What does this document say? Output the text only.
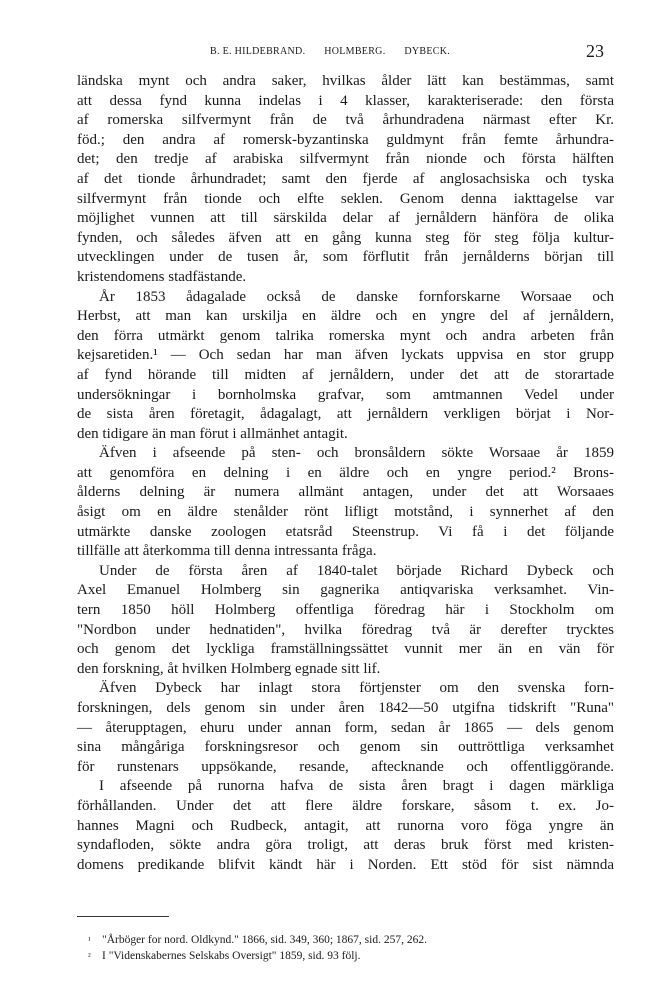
B. E. HILDEBRAND. HOLMBERG. DYBECK.	23
ländska mynt och andra saker, hvilkas ålder lätt kan bestämmas, samt
att dessa fynd kunna indelas i 4 klasser, karakteriserade: den första
af romerska silfvermynt från de två århundradena närmast efter Kr.
föd.; den andra af romersk-byzantinska guldmynt från femte århundra-
det; den tredje af arabiska silfvermynt från nionde och första hälften
af det tionde århundradet; samt den fjerde af anglosachsiska och tyska
silfvermynt från tionde och elfte seklen. Genom denna iakttagelse var
möjlighet vunnen att till särskilda delar af jernåldern hänföra de olika
fynden, och således äfven att en gång kunna steg för steg följa kultur-
utvecklingen under de tusen år, som förflutit från jernålderns början till
kristendomens stadfästande.
År 1853 ådagalade också de danske fornforskarne Worsaae och
Herbst, att man kan urskilja en äldre och en yngre del af jernåldern,
den förra utmärkt genom talrika romerska mynt och andra arbeten från
kejsaretiden.¹ — Och sedan har man äfven lyckats uppvisa en stor grupp
af fynd hörande till midten af jernåldern, under det att de storartade
undersökningar i bornholmska grafvar, som amtmannen Vedel under
de sista åren företagit, ådagalagt, att jernåldern verkligen börjat i Nor-
den tidigare än man förut i allmänhet antagit.
Äfven i afseende på sten- och bronsåldern sökte Worsaae år 1859
att genomföra en delning i en äldre och en yngre period.² Brons-
ålderns delning är numera allmänt antagen, under det att Worsaaes
åsigt om en äldre stenålder rönt lifligt motstånd, i synnerhet af den
utmärkte danske zoologen etatsråd Steenstrup. Vi få i det följande
tillfälle att återkomma till denna intressanta fråga.
Under de första åren af 1840-talet började Richard Dybeck och
Axel Emanuel Holmberg sin gagnerika antiqvariska verksamhet. Vin-
tern 1850 höll Holmberg offentliga föredrag här i Stockholm om
"Nordbon under hednatiden", hvilka föredrag två är derefter trycktes
och genom det lyckliga framställningssättet vunnit mer än en vän för
den forskning, åt hvilken Holmberg egnade sitt lif.
Äfven Dybeck har inlagt stora förtjenster om den svenska forn-
forskningen, dels genom sin under åren 1842—50 utgifna tidskrift "Runa"
— återupptagen, ehuru under annan form, sedan år 1865 — dels genom
sina mångåriga forskningsresor och genom sin outtröttliga verksamhet
för runstenars uppsökande, resande, aftecknande och offentliggörande.
I afseende på runorna hafva de sista åren bragt i dagen märkliga
förhållanden. Under det att flere äldre forskare, såsom t. ex. Jo-
hannes Magni och Rudbeck, antagit, att runorna voro föga yngre än
syndafloden, sökte andra göra troligt, att deras bruk först med kristen-
domens predikande blifvit kändt här i Norden. Ett stöd för sist nämnda
¹ "Årböger for nord. Oldkynd." 1866, sid. 349, 360; 1867, sid. 257, 262.
² I "Videnskabernes Selskabs Oversigt" 1859, sid. 93 följ.
